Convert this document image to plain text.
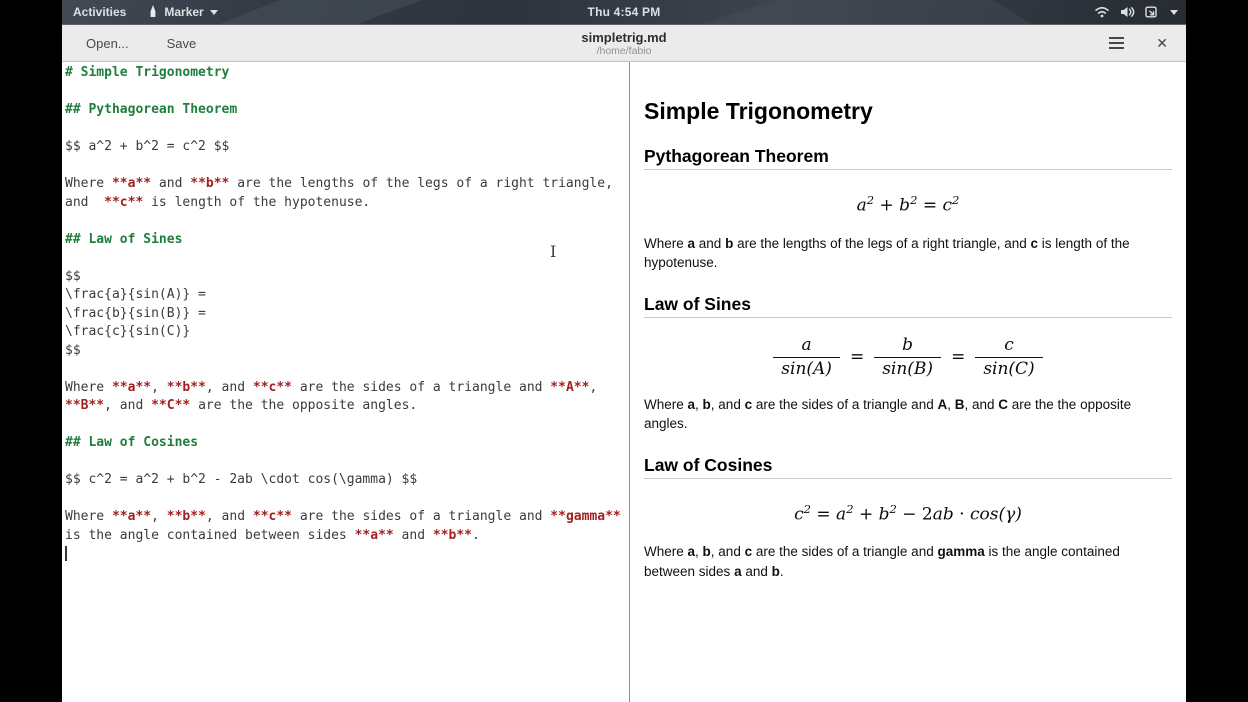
Activities	Marker	Thu 4:54 PM
Open...	Save	simpletrig.md
/home/fabio	✕
# Simple Trigonometry
## Pythagorean Theorem
$$ a^2 + b^2 = c^2 $$
Where **a** and **b** are the lengths of the legs of a right triangle,
and  **c** is length of the hypotenuse.
## Law of Sines
$$
\frac{a}{sin(A)} =
\frac{b}{sin(B)} =
\frac{c}{sin(C)}
$$
Where **a**, **b**, and **c** are the sides of a triangle and **A**,
**B**, and **C** are the the opposite angles.
## Law of Cosines
$$ c^2 = a^2 + b^2 - 2ab \cdot cos(\gamma) $$
Where **a**, **b**, and **c** are the sides of a triangle and **gamma**
is the angle contained between sides **a** and **b**.
I
Simple Trigonometry
Pythagorean Theorem
$a^2 + b^2 = c^2$

Where a and b are the lengths of the legs of a right triangle, and c is length of the
hypotenuse.

Law of Sines
$\frac{a}{\sin(A)} = \frac{b}{\sin(B)} = \frac{c}{\sin(C)}$

Where a, b, and c are the sides of a triangle and A, B, and C are the the opposite
angles.

Law of Cosines
$c^2 = a^2 + b^2 - 2ab \cdot \cos(\gamma)$

Where a, b, and c are the sides of a triangle and gamma is the angle contained
between sides a and b.
